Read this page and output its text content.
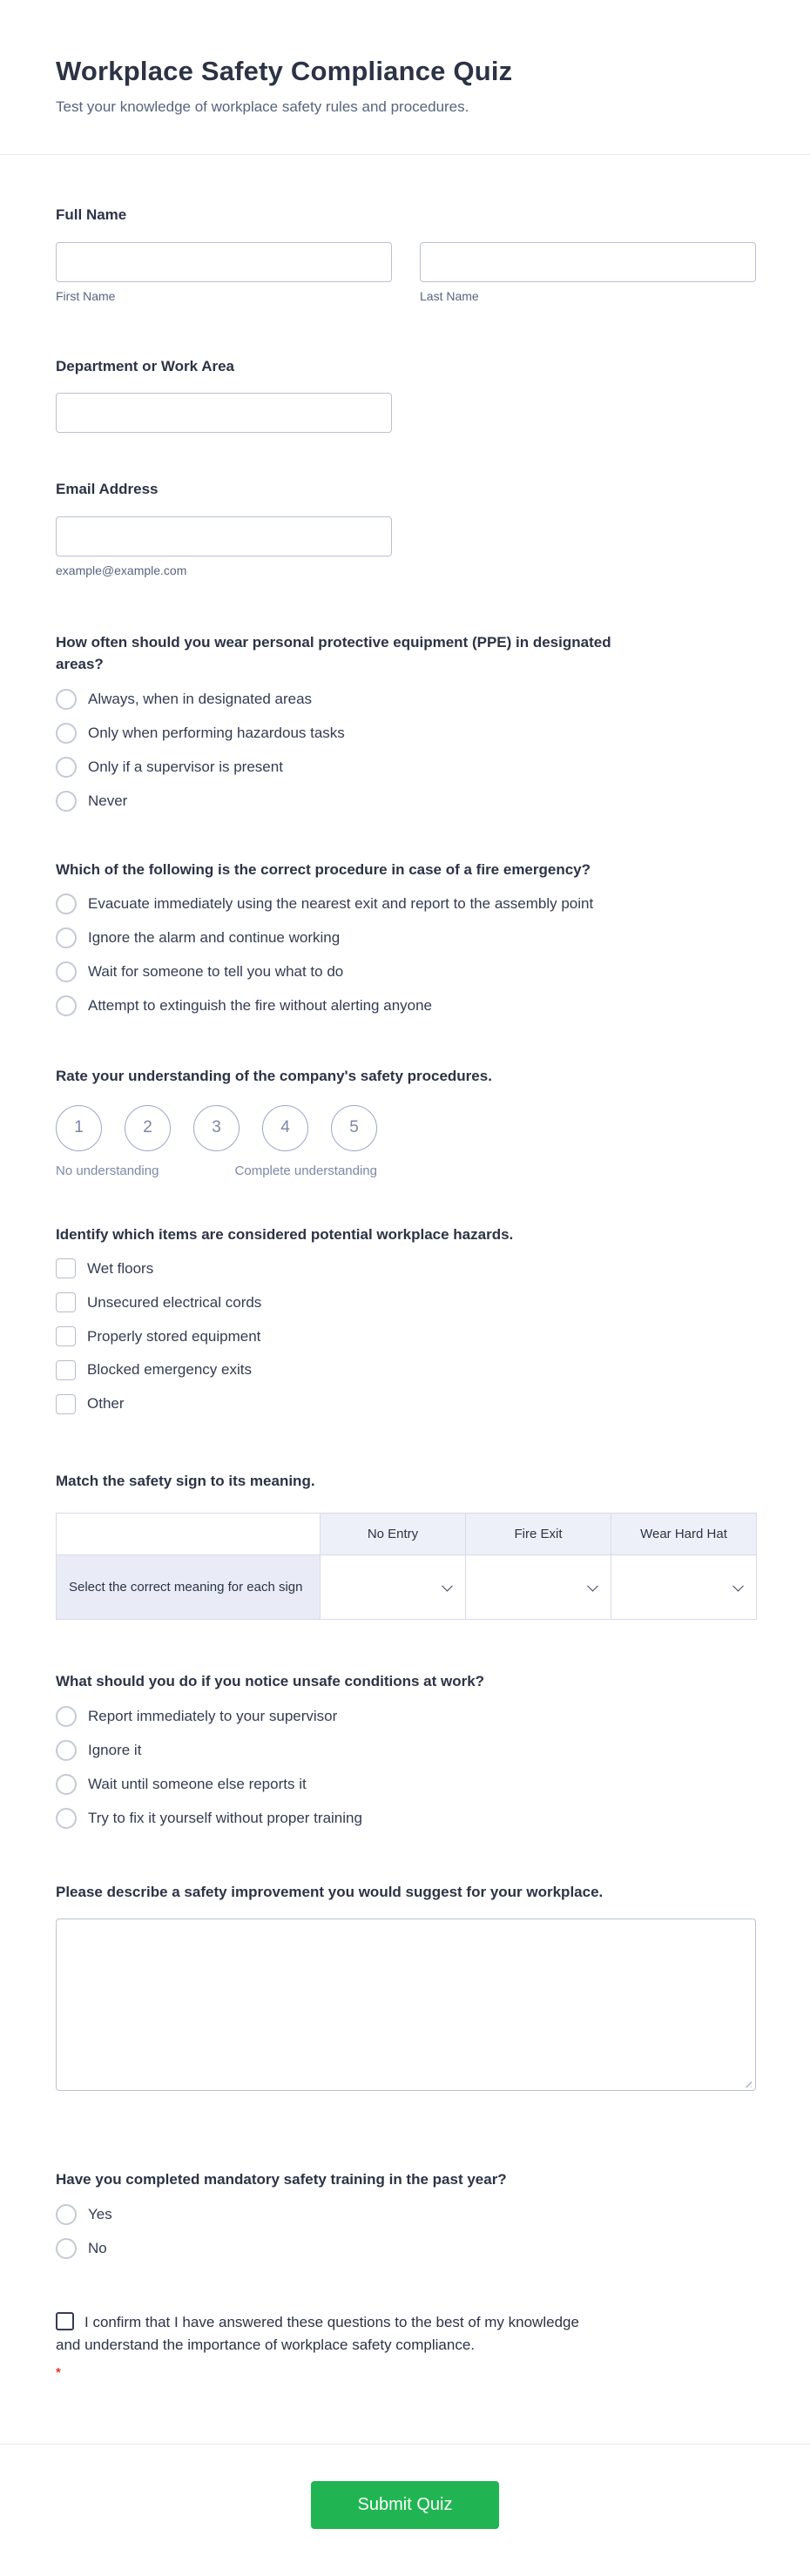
Workplace Safety Compliance Quiz
Test your knowledge of workplace safety rules and procedures.
Full Name
First Name	Last Name
Department or Work Area
Email Address
example@example.com
How often should you wear personal protective equipment (PPE) in designated areas?
Always, when in designated areas
Only when performing hazardous tasks
Only if a supervisor is present
Never
Which of the following is the correct procedure in case of a fire emergency?
Evacuate immediately using the nearest exit and report to the assembly point
Ignore the alarm and continue working
Wait for someone to tell you what to do
Attempt to extinguish the fire without alerting anyone
Rate your understanding of the company's safety procedures.
1	2	3	4	5
No understanding	Complete understanding
Identify which items are considered potential workplace hazards.
Wet floors
Unsecured electrical cords
Properly stored equipment
Blocked emergency exits
Other
Match the safety sign to its meaning.
	No Entry	Fire Exit	Wear Hard Hat
Select the correct meaning for each sign	

What should you do if you notice unsafe conditions at work?
Report immediately to your supervisor
Ignore it
Wait until someone else reports it
Try to fix it yourself without proper training
Please describe a safety improvement you would suggest for your workplace.
Have you completed mandatory safety training in the past year?
Yes
No
I confirm that I have answered these questions to the best of my knowledge and understand the importance of workplace safety compliance.
*
Submit Quiz
